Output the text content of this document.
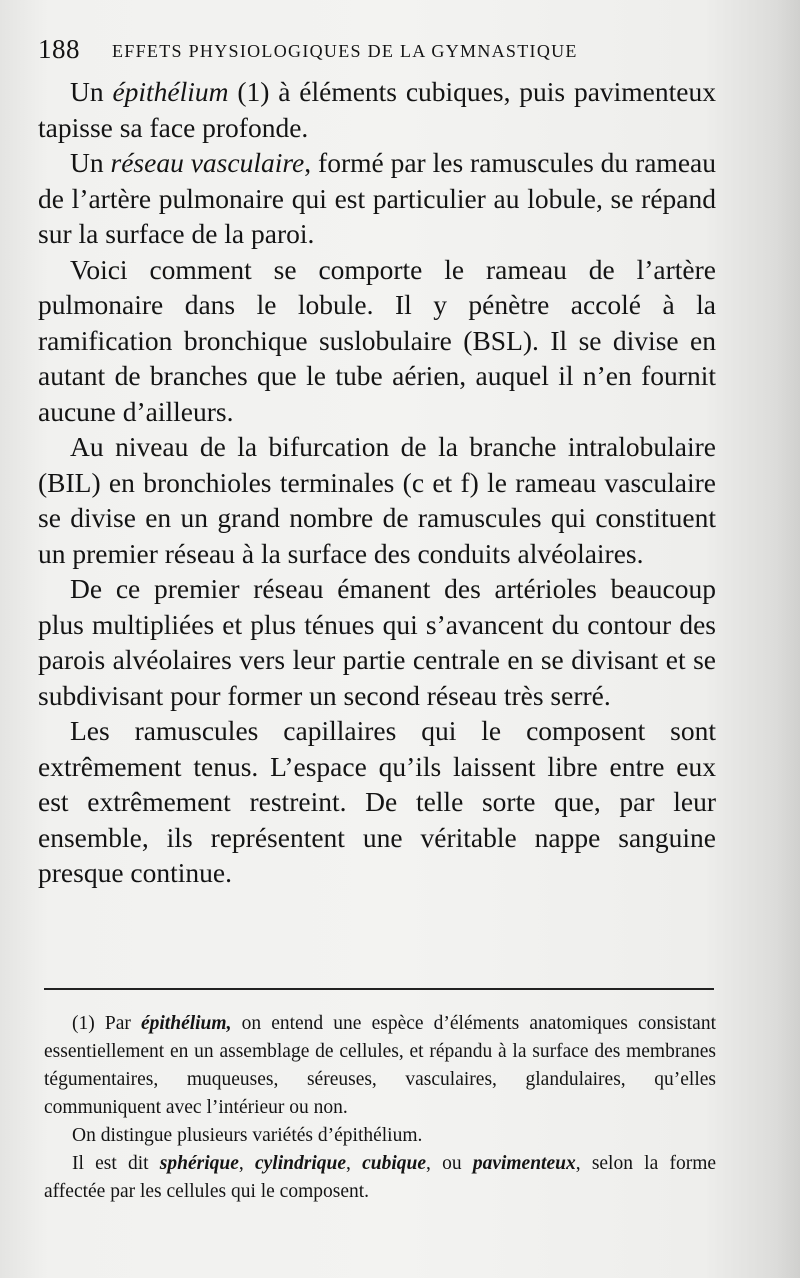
188 EFFETS PHYSIOLOGIQUES DE LA GYMNASTIQUE

Un épithélium (1) à éléments cubiques, puis pavimenteux tapisse sa face profonde.

Un réseau vasculaire, formé par les ramuscules du rameau de l’artère pulmonaire qui est particulier au lobule, se répand sur la surface de la paroi.

Voici comment se comporte le rameau de l’artère pulmonaire dans le lobule. Il y pénètre accolé à la ramification bronchique suslobulaire (BSL). Il se divise en autant de branches que le tube aérien, auquel il n’en fournit aucune d’ailleurs.

Au niveau de la bifurcation de la branche intralobulaire (BIL) en bronchioles terminales (c et f) le rameau vasculaire se divise en un grand nombre de ramuscules qui constituent un premier réseau à la surface des conduits alvéolaires.

De ce premier réseau émanent des artérioles beaucoup plus multipliées et plus ténues qui s’avancent du contour des parois alvéolaires vers leur partie centrale en se divisant et se subdivisant pour former un second réseau très serré.

Les ramuscules capillaires qui le composent sont extrêmement tenus. L’espace qu’ils laissent libre entre eux est extrêmement restreint. De telle sorte que, par leur ensemble, ils représentent une véritable nappe sanguine presque continue.

(1) Par épithélium, on entend une espèce d’éléments anatomiques consistant essentiellement en un assemblage de cellules, et répandu à la surface des membranes tégumentaires, muqueuses, séreuses, vasculaires, glandulaires, qu’elles communiquent avec l’intérieur ou non.

On distingue plusieurs variétés d’épithélium.

Il est dit sphérique, cylindrique, cubique, ou pavimenteux, selon la forme affectée par les cellules qui le composent.
